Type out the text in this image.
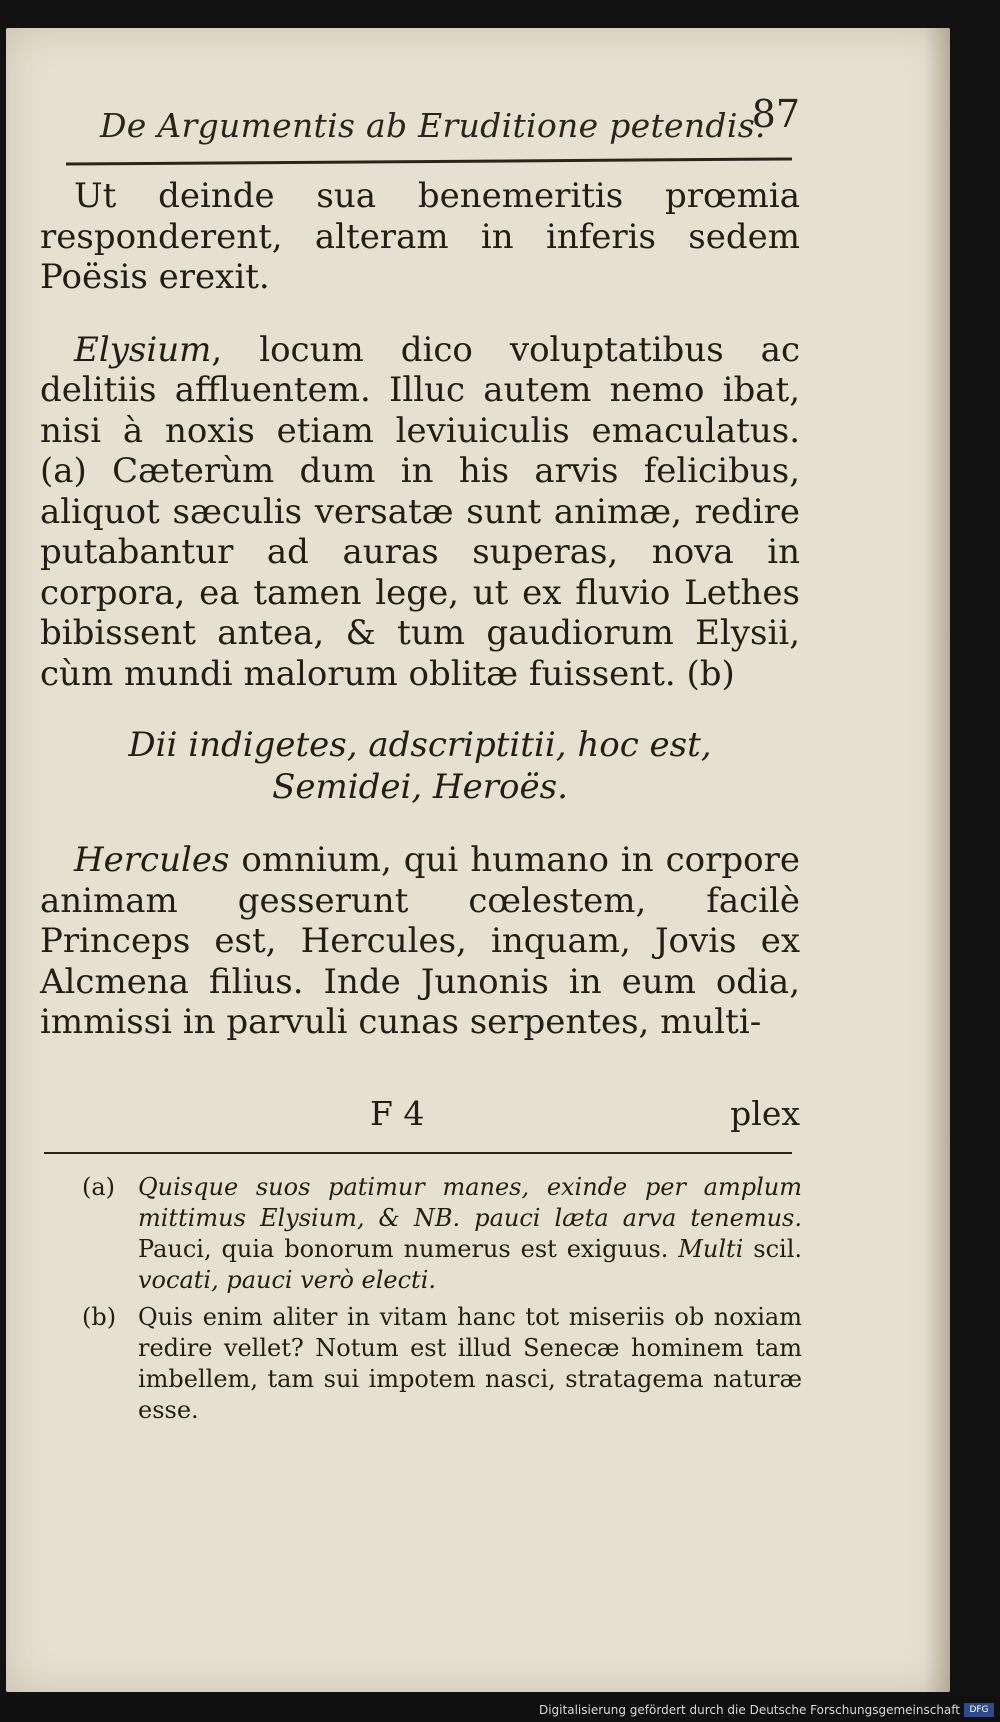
De Argumentis ab Eruditione petendis.
87

Ut deinde sua benemeritis prœmia responderent, alteram in inferis sedem Poësis erexit.

Elysium, locum dico voluptatibus ac delitiis affluentem. Illuc autem nemo ibat, nisi à noxis etiam leviuiculis emaculatus. (a) Cæterùm dum in his arvis felicibus, aliquot sæculis versatæ sunt animæ, redire putabantur ad auras superas, nova in corpora, ea tamen lege, ut ex fluvio Lethes bibissent antea, & tum gaudiorum Elysii, cùm mundi malorum oblitæ fuissent. (b)

Dii indigetes, adscriptitii, hoc est, Semidei, Heroës.

Hercules omnium, qui humano in corpore animam gesserunt cœlestem, facilè Princeps est, Hercules, inquam, Jovis ex Alcmena filius. Inde Junonis in eum odia, immissi in parvuli cunas serpentes, multi-

F 4	plex
(a) Quisque suos patimur manes, exinde per amplum mittimus Elysium, & NB. pauci læta arva tenemus. Pauci, quia bonorum numerus est exiguus. Multi scil. vocati, pauci verò electi.
(b) Quis enim aliter in vitam hanc tot miseriis ob noxiam redire vellet? Notum est illud Senecæ hominem tam imbellem, tam sui impotem nasci, stratagema naturæ esse.
Digitalisierung gefördert durch die Deutsche Forschungsgemeinschaft	DFG
